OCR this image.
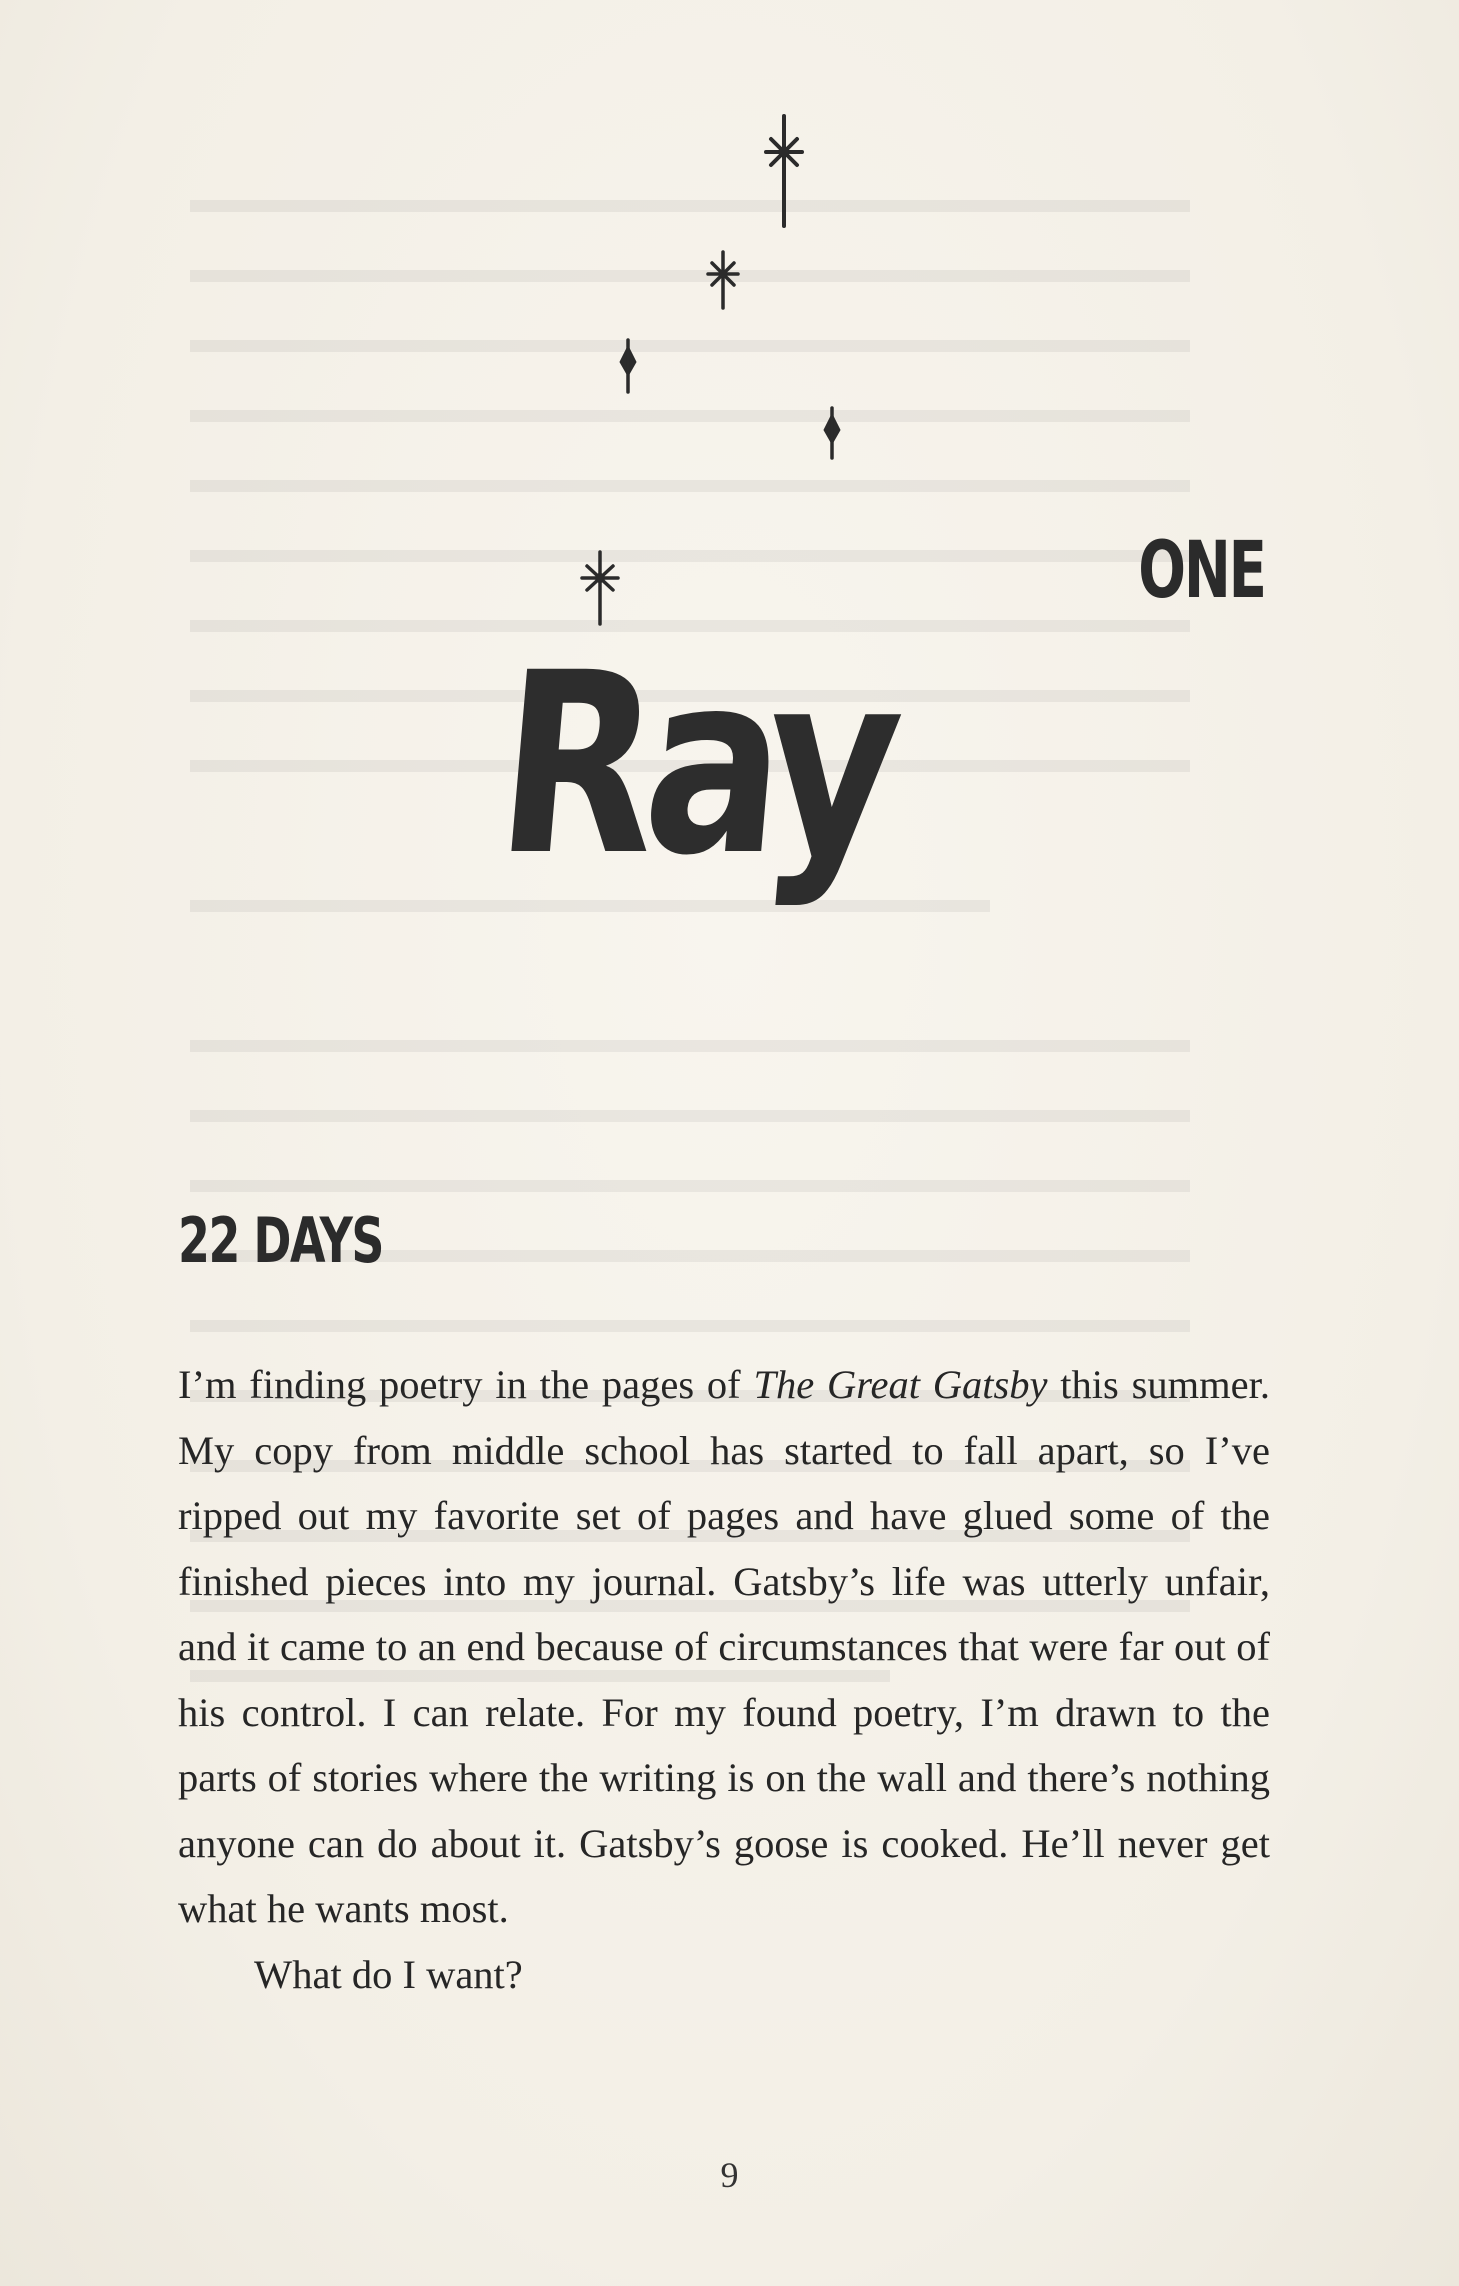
ONE
Ray
22 DAYS

I’m finding poetry in the pages of The Great Gatsby this summer. My copy from middle school has started to fall apart, so I’ve ripped out my favorite set of pages and have glued some of the finished pieces into my journal. Gatsby’s life was utterly unfair, and it came to an end because of circumstances that were far out of his control. I can relate. For my found poetry, I’m drawn to the parts of stories where the writing is on the wall and there’s nothing anyone can do about it. Gatsby’s goose is cooked. He’ll never get what he wants most.

What do I want?

9
